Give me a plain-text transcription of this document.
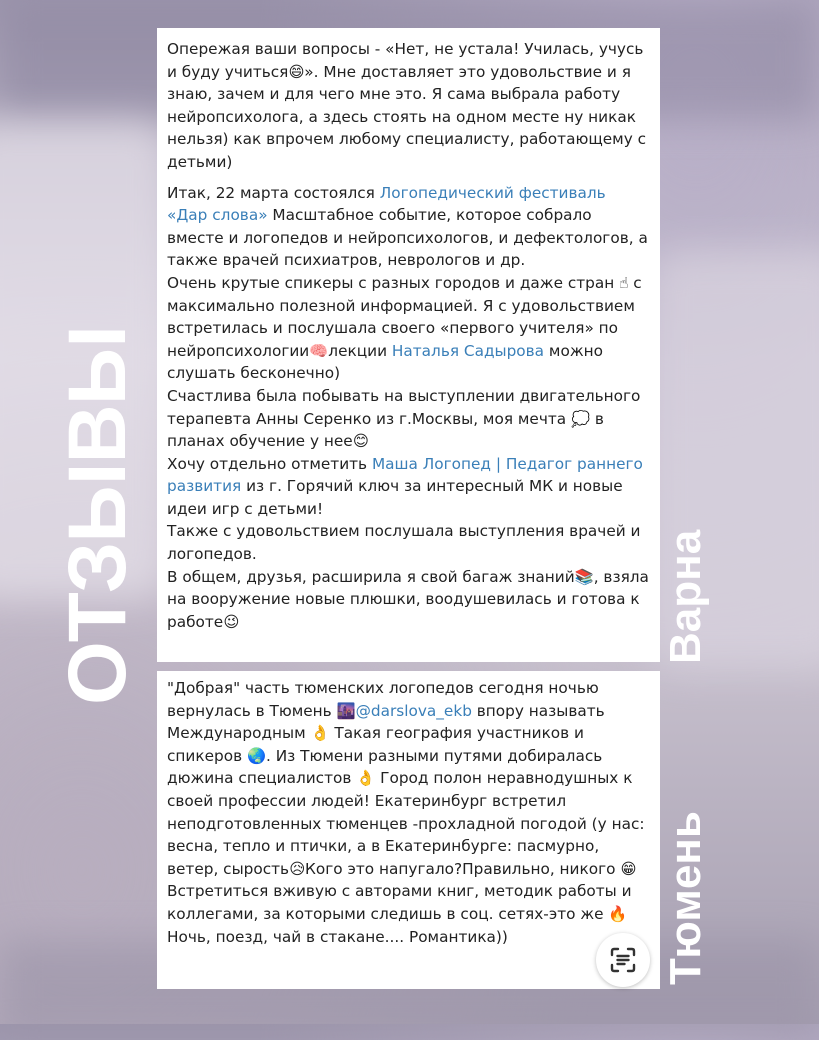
ОТЗЫВЫ

Опережая ваши вопросы - «Нет, не устала! Училась, учусь и буду учиться😄». Мне доставляет это удовольствие и я знаю, зачем и для чего мне это. Я сама выбрала работу нейропсихолога, а здесь стоять на одном месте ну никак нельзя) как впрочем любому специалисту, работающему с детьми)

Итак, 22 марта состоялся Логопедический фестиваль «Дар слова» Масштабное событие, которое собрало вместе и логопедов и нейропсихологов, и дефектологов, а также врачей психиатров, неврологов и др.

Очень крутые спикеры с разных городов и даже стран ☝ с максимально полезной информацией. Я с удовольствием встретилась и послушала своего «первого учителя» по нейропсихологии🧠лекции Наталья Садырова можно слушать бесконечно)

Счастлива была побывать на выступлении двигательного терапевта Анны Серенко из г.Москвы, моя мечта 💭 в планах обучение у нее😊

Хочу отдельно отметить Маша Логопед | Педагог раннего развития из г. Горячий ключ за интересный МК и новые идеи игр с детьми!

Также с удовольствием послушала выступления врачей и логопедов.

В общем, друзья, расширила я свой багаж знаний📚, взяла на вооружение новые плюшки, воодушевилась и готова к работе😉

"Добрая" часть тюменских логопедов сегодня ночью вернулась в Тюмень 🌆@darslova_ekb впору называть Международным 👌 Такая география участников и спикеров 🌏. Из Тюмени разными путями добиралась дюжина специалистов 👌 Город полон неравнодушных к своей профессии людей! Екатеринбург встретил неподготовленных тюменцев -прохладной погодой (у нас: весна, тепло и птички, а в Екатеринбурге: пасмурно, ветер, сырость😥Кого это напугало?Правильно, никого 😁Встретиться вживую с авторами книг, методик работы и коллегами, за которыми следишь в соц. сетях-это же 🔥

Ночь, поезд, чай в стакане.... Романтика))

Варна
Тюмень
